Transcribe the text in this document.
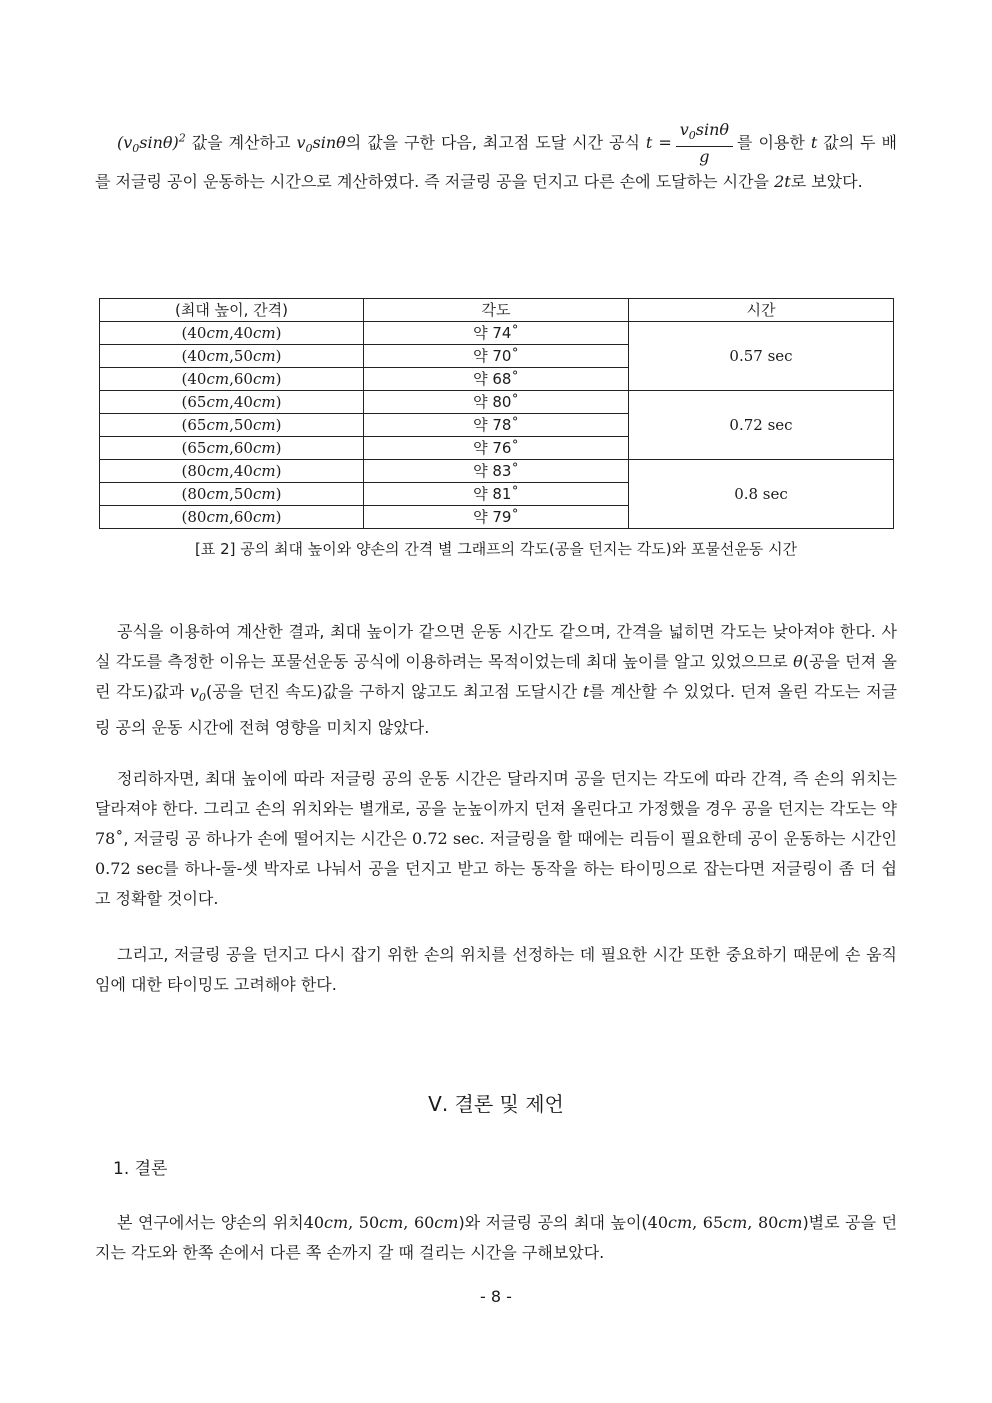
$(v_0\sin\theta)^2$ 값을 계산하고 $v_0\sin\theta$의 값을 구한 다음, 최고점 도달 시간 공식 $t = \frac{v_0\sin\theta}{g}$ 를 이용한 t 값의 두 배를 저글링 공이 운동하는 시간으로 계산하였다. 즉 저글링 공을 던지고 다른 손에 도달하는 시간을 2t로 보았다.

(최대 높이, 간격)	각도	시간
(40cm,40cm)	약 74˚	0.57 sec
(40cm,50cm)	약 70˚	
(40cm,60cm)	약 68˚	
(65cm,40cm)	약 80˚	0.72 sec
(65cm,50cm)	약 78˚	
(65cm,60cm)	약 76˚	
(80cm,40cm)	약 83˚	0.8 sec
(80cm,50cm)	약 81˚	
(80cm,60cm)	약 79˚	

[표 2] 공의 최대 높이와 양손의 간격 별 그래프의 각도(공을 던지는 각도)와 포물선운동 시간

공식을 이용하여 계산한 결과, 최대 높이가 같으면 운동 시간도 같으며, 간격을 넓히면 각도는 낮아져야 한다. 사실 각도를 측정한 이유는 포물선운동 공식에 이용하려는 목적이었는데 최대 높이를 알고 있었으므로 θ(공을 던져 올린 각도)값과 $v_0$(공을 던진 속도)값을 구하지 않고도 최고점 도달시간 t를 계산할 수 있었다. 던져 올린 각도는 저글링 공의 운동 시간에 전혀 영향을 미치지 않았다.

정리하자면, 최대 높이에 따라 저글링 공의 운동 시간은 달라지며 공을 던지는 각도에 따라 간격, 즉 손의 위치는 달라져야 한다. 그리고 손의 위치와는 별개로, 공을 눈높이까지 던져 올린다고 가정했을 경우 공을 던지는 각도는 약 78˚, 저글링 공 하나가 손에 떨어지는 시간은 0.72 sec. 저글링을 할 때에는 리듬이 필요한데 공이 운동하는 시간인 0.72 sec를 하나-둘-셋 박자로 나눠서 공을 던지고 받고 하는 동작을 하는 타이밍으로 잡는다면 저글링이 좀 더 쉽고 정확할 것이다.

그리고, 저글링 공을 던지고 다시 잡기 위한 손의 위치를 선정하는 데 필요한 시간 또한 중요하기 때문에 손 움직임에 대한 타이밍도 고려해야 한다.

Ⅴ. 결론 및 제언
1. 결론

본 연구에서는 양손의 위치40cm, 50cm, 60cm)와 저글링 공의 최대 높이(40cm, 65cm, 80cm)별로 공을 던지는 각도와 한쪽 손에서 다른 쪽 손까지 갈 때 걸리는 시간을 구해보았다.

- 8 -
